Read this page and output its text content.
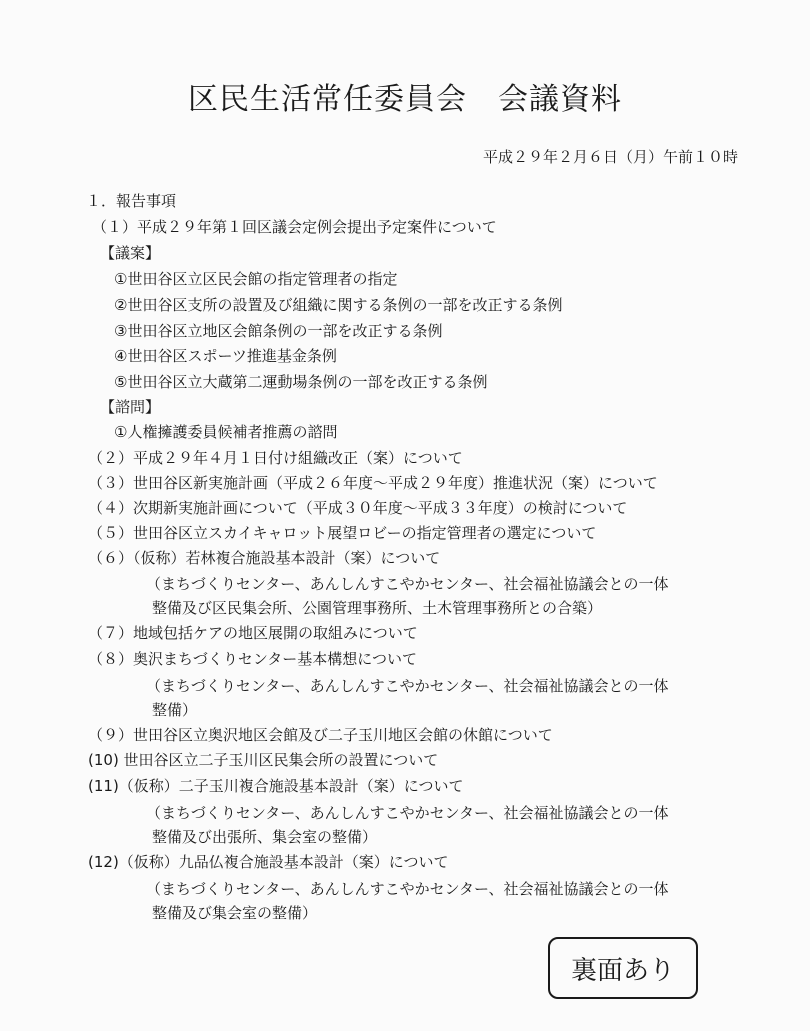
区民生活常任委員会　会議資料
平成２９年２月６日（月）午前１０時
１．報告事項
（１）平成２９年第１回区議会定例会提出予定案件について
【議案】
①世田谷区立区民会館の指定管理者の指定
②世田谷区支所の設置及び組織に関する条例の一部を改正する条例
③世田谷区立地区会館条例の一部を改正する条例
④世田谷区スポーツ推進基金条例
⑤世田谷区立大蔵第二運動場条例の一部を改正する条例
【諮問】
①人権擁護委員候補者推薦の諮問
（２）平成２９年４月１日付け組織改正（案）について
（３）世田谷区新実施計画（平成２６年度～平成２９年度）推進状況（案）について
（４）次期新実施計画について（平成３０年度～平成３３年度）の検討について
（５）世田谷区立スカイキャロット展望ロビーの指定管理者の選定について
（６）（仮称）若林複合施設基本設計（案）について
（まちづくりセンター、あんしんすこやかセンター、社会福祉協議会との一体
整備及び区民集会所、公園管理事務所、土木管理事務所との合築）
（７）地域包括ケアの地区展開の取組みについて
（８）奥沢まちづくりセンター基本構想について
（まちづくりセンター、あんしんすこやかセンター、社会福祉協議会との一体
整備）
（９）世田谷区立奥沢地区会館及び二子玉川地区会館の休館について
(10) 世田谷区立二子玉川区民集会所の設置について
(11)（仮称）二子玉川複合施設基本設計（案）について
（まちづくりセンター、あんしんすこやかセンター、社会福祉協議会との一体
整備及び出張所、集会室の整備）
(12)（仮称）九品仏複合施設基本設計（案）について
（まちづくりセンター、あんしんすこやかセンター、社会福祉協議会との一体
整備及び集会室の整備）
裏面あり
